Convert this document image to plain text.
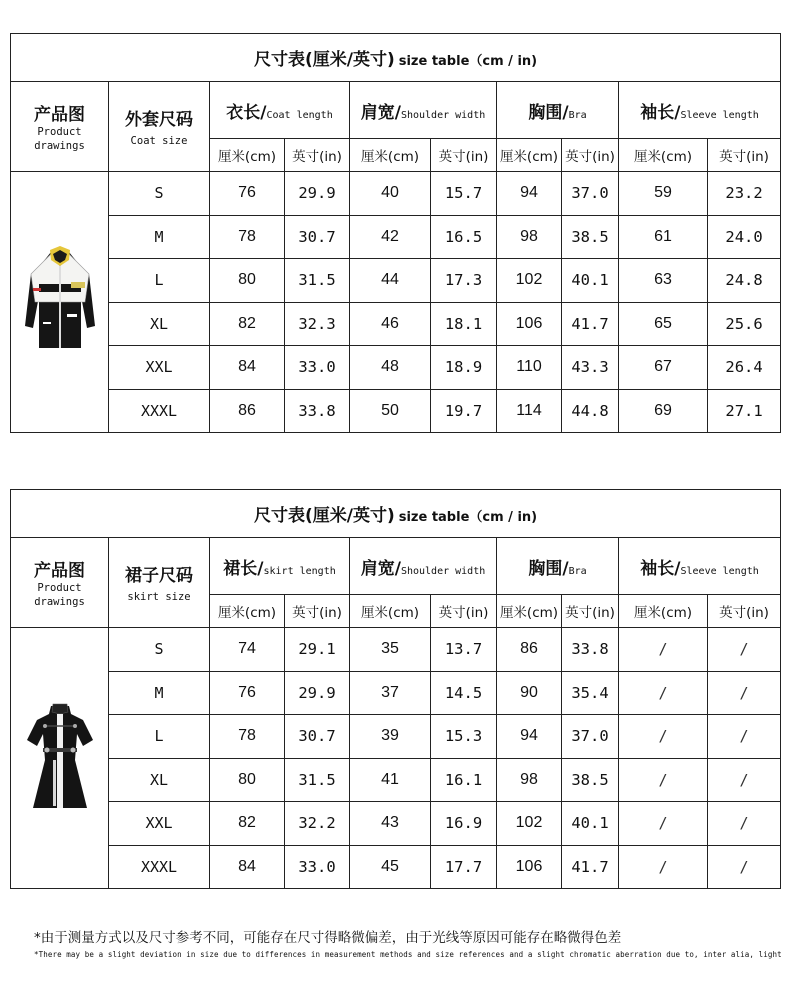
尺寸表(厘米/英寸) size table（cm / in)									

产品图
Product
drawings	外套尺码
Coat size	衣长/Coat length		肩宽/Shoulder width		胸围/Bra		袖长/Sleeve length	
		厘米(cm)	英寸(in)	厘米(cm)	英寸(in)	厘米(cm)	英寸(in)	厘米(cm)	英寸(in)
	S	76	29.9	40	15.7	94	37.0	59	23.2
	M	78	30.7	42	16.5	98	38.5	61	24.0
	L	80	31.5	44	17.3	102	40.1	63	24.8
	XL	82	32.3	46	18.1	106	41.7	65	25.6
	XXL	84	33.0	48	18.9	110	43.3	67	26.4
	XXXL	86	33.8	50	19.7	114	44.8	69	27.1
尺寸表(厘米/英寸) size table（cm / in)									

产品图
Product
drawings	裙子尺码
skirt size	裙长/skirt length		肩宽/Shoulder width		胸围/Bra		袖长/Sleeve length	
		厘米(cm)	英寸(in)	厘米(cm)	英寸(in)	厘米(cm)	英寸(in)	厘米(cm)	英寸(in)
	S	74	29.1	35	13.7	86	33.8	/	/
	M	76	29.9	37	14.5	90	35.4	/	/
	L	78	30.7	39	15.3	94	37.0	/	/
	XL	80	31.5	41	16.1	98	38.5	/	/
	XXL	82	32.2	43	16.9	102	40.1	/	/
	XXXL	84	33.0	45	17.7	106	41.7	/	/
*由于测量方式以及尺寸参考不同，可能存在尺寸得略微偏差，由于光线等原因可能存在略微得色差
*There may be a slight deviation in size due to differences in measurement methods and size references and a slight chromatic aberration due to, inter alia, light
